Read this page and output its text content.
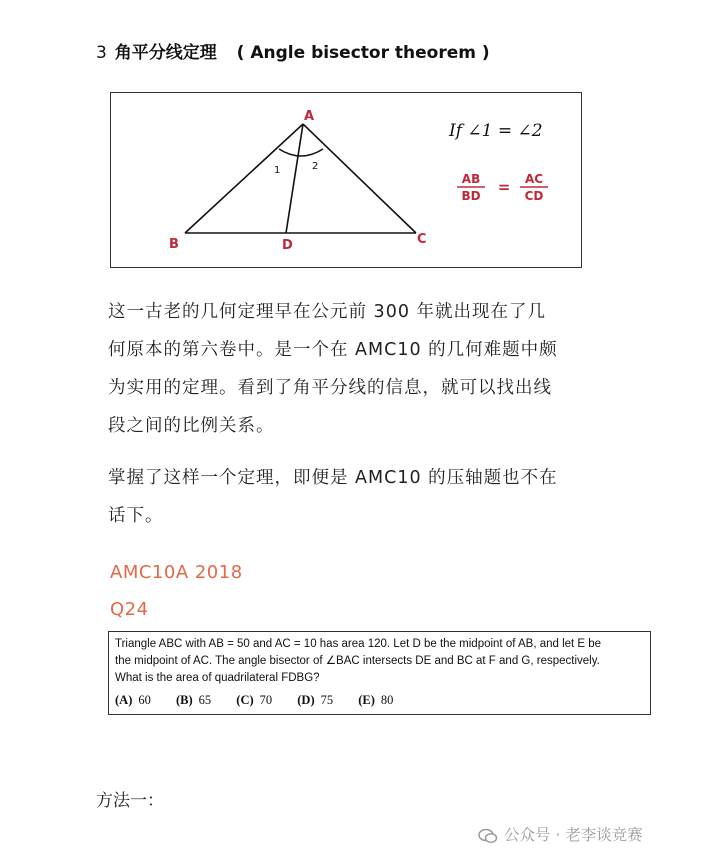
3 角平分线定理 ( Angle bisector theorem )
A
B	C
D
1	2
If ∠1 = ∠2
AB
BD = AC
CD
这一古老的几何定理早在公元前 300 年就出现在了几
何原本的第六卷中。是一个在 AMC10 的几何难题中颇
为实用的定理。看到了角平分线的信息，就可以找出线
段之间的比例关系。
掌握了这样一个定理，即便是 AMC10 的压轴题也不在
话下。
AMC10A 2018
Q24
Triangle ABC with AB = 50 and AC = 10 has area 120. Let D be the midpoint of AB, and let E be
the midpoint of AC. The angle bisector of ∠BAC intersects DE and BC at F and G, respectively.
What is the area of quadrilateral FDBG?
(A) 60 (B) 65 (C) 70 (D) 75 (E) 80
方法一：
公众号 · 老李谈竞赛
